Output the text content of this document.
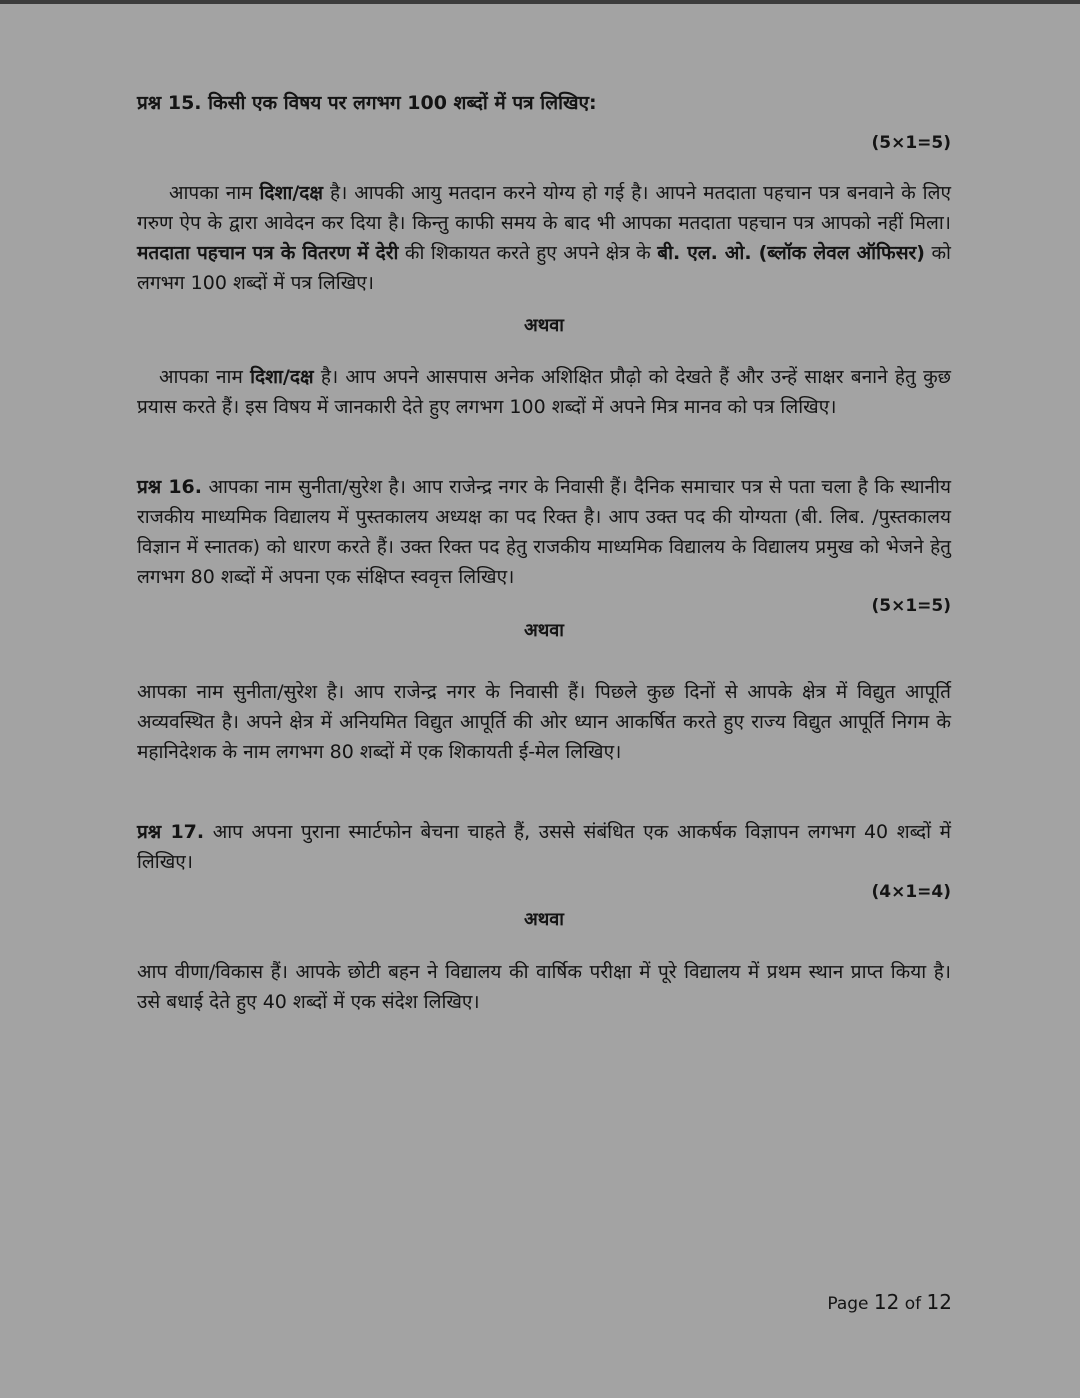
प्रश्न 15. किसी एक विषय पर लगभग 100 शब्दों में पत्र लिखिए:
(5×1=5)
आपका नाम दिशा/दक्ष है। आपकी आयु मतदान करने योग्य हो गई है। आपने मतदाता पहचान पत्र बनवाने के लिए गरुण ऐप के द्वारा आवेदन कर दिया है। किन्तु काफी समय के बाद भी आपका मतदाता पहचान पत्र आपको नहीं मिला। मतदाता पहचान पत्र के वितरण में देरी की शिकायत करते हुए अपने क्षेत्र के बी. एल. ओ. (ब्लॉक लेवल ऑफिसर) को लगभग 100 शब्दों में पत्र लिखिए।
अथवा
आपका नाम दिशा/दक्ष है। आप अपने आसपास अनेक अशिक्षित प्रौढ़ो को देखते हैं और उन्हें साक्षर बनाने हेतु कुछ प्रयास करते हैं। इस विषय में जानकारी देते हुए लगभग 100 शब्दों में अपने मित्र मानव को पत्र लिखिए।
प्रश्न 16. आपका नाम सुनीता/सुरेश है। आप राजेन्द्र नगर के निवासी हैं। दैनिक समाचार पत्र से पता चला है कि स्थानीय राजकीय माध्यमिक विद्यालय में पुस्तकालय अध्यक्ष का पद रिक्त है। आप उक्त पद की योग्यता (बी. लिब. /पुस्तकालय विज्ञान में स्नातक) को धारण करते हैं। उक्त रिक्त पद हेतु राजकीय माध्यमिक विद्यालय के विद्यालय प्रमुख को भेजने हेतु लगभग 80 शब्दों में अपना एक संक्षिप्त स्ववृत्त लिखिए।
(5×1=5)
अथवा
आपका नाम सुनीता/सुरेश है। आप राजेन्द्र नगर के निवासी हैं। पिछले कुछ दिनों से आपके क्षेत्र में विद्युत आपूर्ति अव्यवस्थित है। अपने क्षेत्र में अनियमित विद्युत आपूर्ति की ओर ध्यान आकर्षित करते हुए राज्य विद्युत आपूर्ति निगम के महानिदेशक के नाम लगभग 80 शब्दों में एक शिकायती ई-मेल लिखिए।
प्रश्न 17. आप अपना पुराना स्मार्टफोन बेचना चाहते हैं, उससे संबंधित एक आकर्षक विज्ञापन लगभग 40 शब्दों में लिखिए।
(4×1=4)
अथवा
आप वीणा/विकास हैं। आपके छोटी बहन ने विद्यालय की वार्षिक परीक्षा में पूरे विद्यालय में प्रथम स्थान प्राप्त किया है। उसे बधाई देते हुए 40 शब्दों में एक संदेश लिखिए।
Page 12 of 12
